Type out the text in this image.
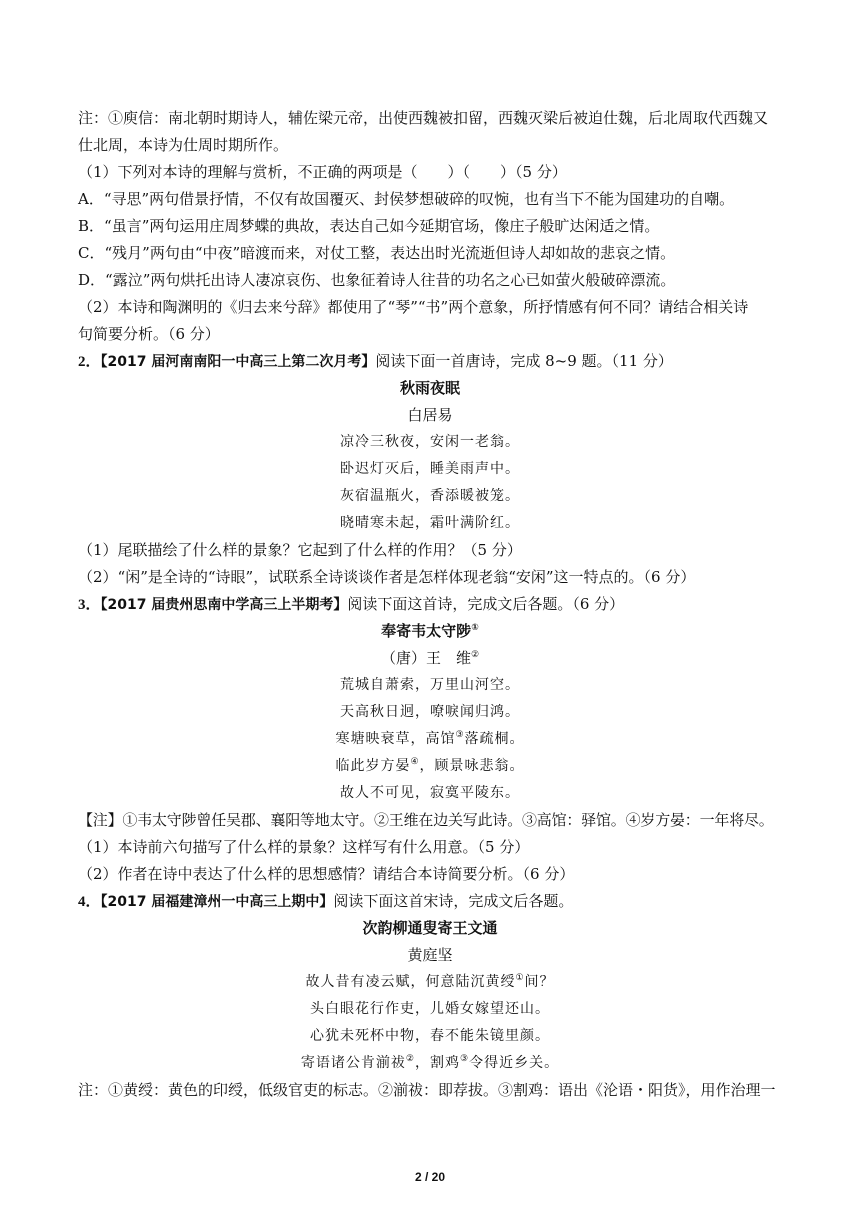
注：①庾信：南北朝时期诗人，辅佐梁元帝，出使西魏被扣留，西魏灭梁后被迫仕魏，后北周取代西魏又
仕北周，本诗为仕周时期所作。
（1）下列对本诗的理解与赏析，不正确的两项是（　　）（　　）（5 分）
A．“寻思”两句借景抒情，不仅有故国覆灭、封侯梦想破碎的叹惋，也有当下不能为国建功的自嘲。
B．“虽言”两句运用庄周梦蝶的典故，表达自己如今延期官场，像庄子般旷达闲适之情。
C．“残月”两句由“中夜”暗渡而来，对仗工整，表达出时光流逝但诗人却如故的悲哀之情。
D．“露泣”两句烘托出诗人凄凉哀伤、也象征着诗人往昔的功名之心已如萤火般破碎漂流。
（2）本诗和陶渊明的《归去来兮辞》都使用了“琴”“书”两个意象，所抒情感有何不同？请结合相关诗
句简要分析。（6 分）
2．【2017 届河南南阳一中高三上第二次月考】阅读下面一首唐诗，完成 8~9 题。（11 分）
秋雨夜眠
白居易
凉冷三秋夜，安闲一老翁。
卧迟灯灭后，睡美雨声中。
灰宿温瓶火，香添暖被笼。
晓晴寒未起，霜叶满阶红。
（1）尾联描绘了什么样的景象？它起到了什么样的作用？（5 分）
（2）“闲”是全诗的“诗眼”，试联系全诗谈谈作者是怎样体现老翁“安闲”这一特点的。（6 分）
3．【2017 届贵州思南中学高三上半期考】阅读下面这首诗，完成文后各题。（6 分）
奉寄韦太守陟①
（唐）王　维②
荒城自萧索，万里山河空。
天高秋日迥，嘹唳闻归鸿。
寒塘映衰草，高馆③落疏桐。
临此岁方晏④，顾景咏悲翁。
故人不可见，寂寞平陵东。
【注】①韦太守陟曾任吴郡、襄阳等地太守。②王维在边关写此诗。③高馆：驿馆。④岁方晏：一年将尽。
（1）本诗前六句描写了什么样的景象？这样写有什么用意。（5 分）
（2）作者在诗中表达了什么样的思想感情？请结合本诗简要分析。（6 分）
4．【2017 届福建漳州一中高三上期中】阅读下面这首宋诗，完成文后各题。
次韵柳通叟寄王文通
黄庭坚
故人昔有凌云赋，何意陆沉黄绶①间？
头白眼花行作吏，儿婚女嫁望还山。
心犹未死杯中物，春不能朱镜里颜。
寄语诸公肯湔祓②，割鸡③令得近乡关。
注：①黄绶：黄色的印绶，低级官吏的标志。②湔祓：即荐拔。③割鸡：语出《沦语・阳货》，用作治理一
2 / 20
